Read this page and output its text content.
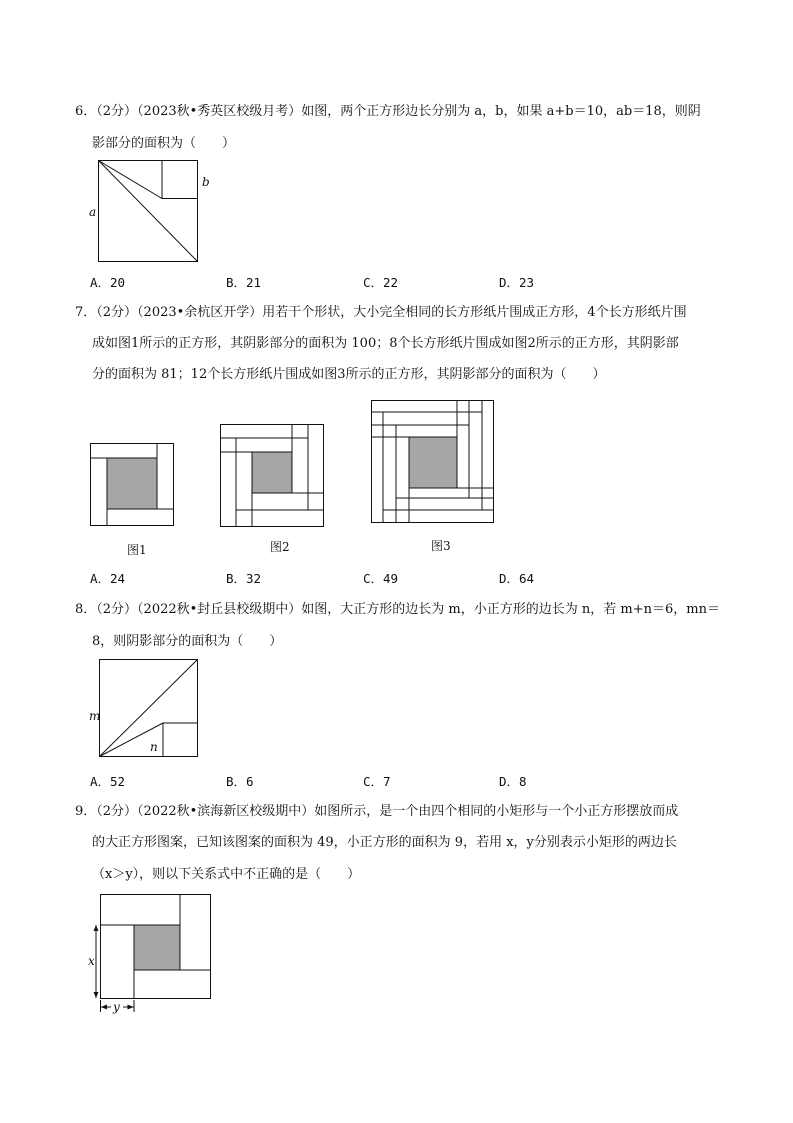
6．（2分）（2023秋•秀英区校级月考）如图，两个正方形边长分别为 a，b，如果 a+b＝10，ab＝18，则阴
影部分的面积为（　　）
b
a
A．20	B．21	C．22	D．23
7．（2分）（2023•余杭区开学）用若干个形状，大小完全相同的长方形纸片围成正方形，4个长方形纸片围
成如图1所示的正方形，其阴影部分的面积为 100；8个长方形纸片围成如图2所示的正方形，其阴影部
分的面积为 81；12个长方形纸片围成如图3所示的正方形，其阴影部分的面积为（　　）
图1	图2	图3
A．24	B．32	C．49	D．64
8．（2分）（2022秋•封丘县校级期中）如图，大正方形的边长为 m，小正方形的边长为 n，若 m+n＝6，mn＝
8，则阴影部分的面积为（　　）
m
n
A．52	B．6	C．7	D．8
9．（2分）（2022秋•滨海新区校级期中）如图所示，是一个由四个相同的小矩形与一个小正方形摆放而成
的大正方形图案，已知该图案的面积为 49，小正方形的面积为 9，若用 x，y分别表示小矩形的两边长
（x＞y），则以下关系式中不正确的是（　　）
x
y
